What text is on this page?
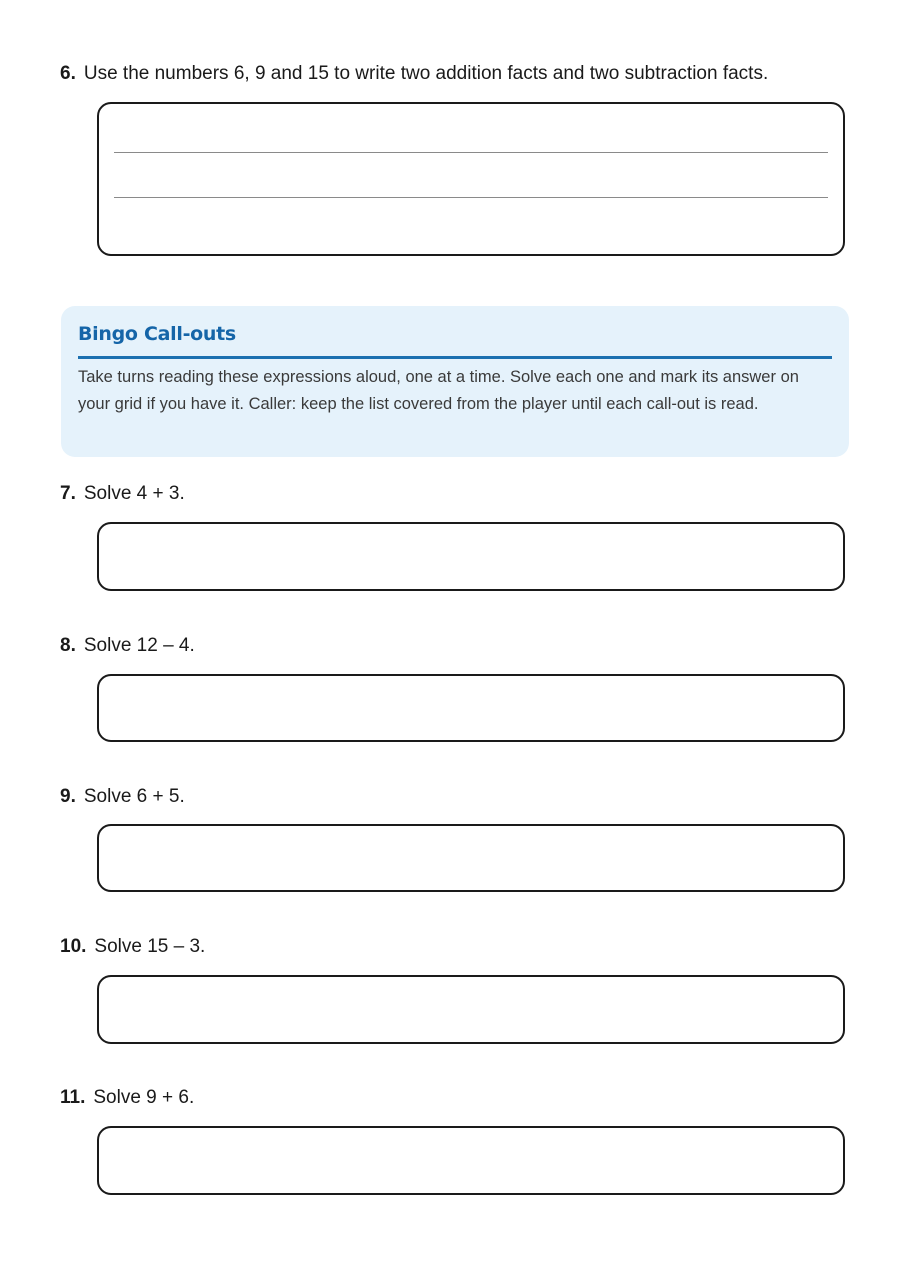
6. Use the numbers 6, 9 and 15 to write two addition facts and two subtraction facts.
Bingo Call-outs
Take turns reading these expressions aloud, one at a time. Solve each one and mark its answer on your grid if you have it. Caller: keep the list covered from the player until each call-out is read.
7. Solve 4 + 3.
8. Solve 12 – 4.
9. Solve 6 + 5.
10. Solve 15 – 3.
11. Solve 9 + 6.
